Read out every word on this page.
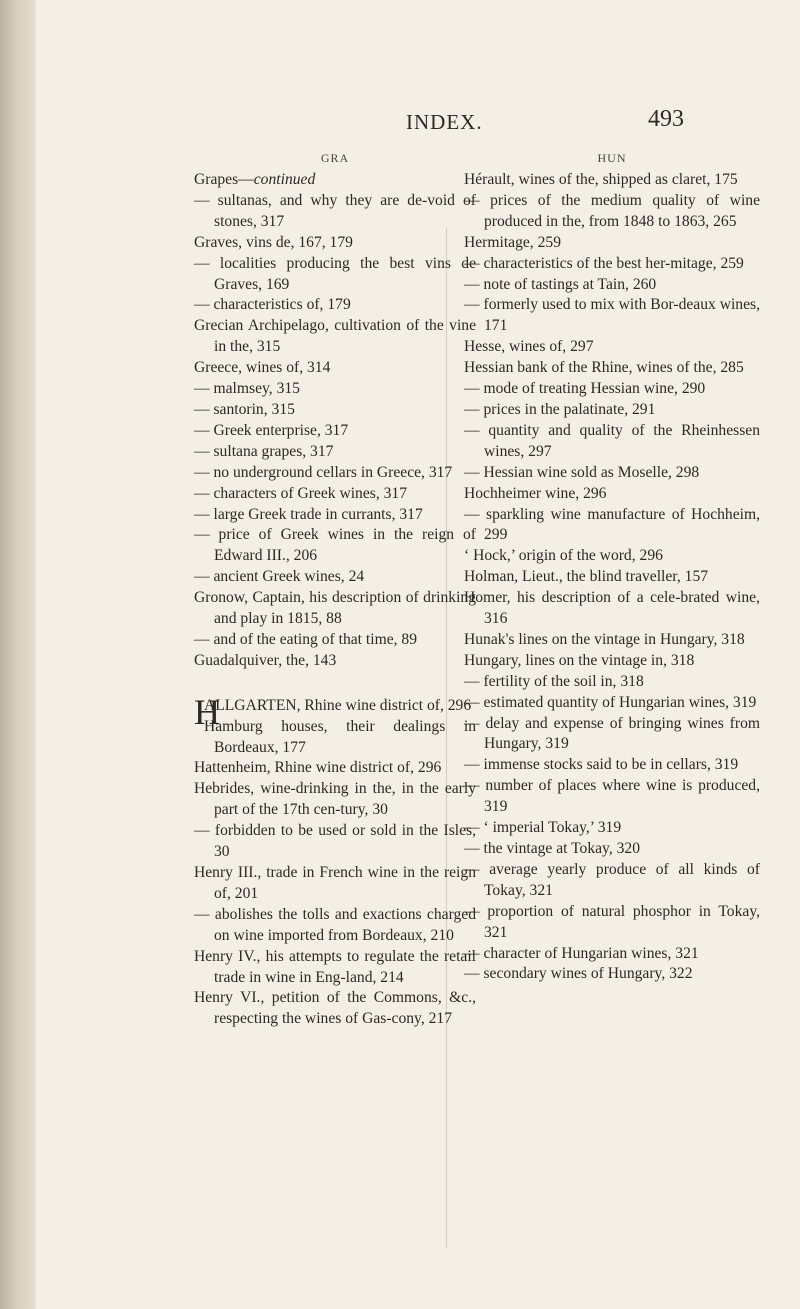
INDEX.	493
GRA
Grapes—continued
— sultanas, and why they are de-void of stones, 317
Graves, vins de, 167, 179
— localities producing the best vins de Graves, 169
— characteristics of, 179
Grecian Archipelago, cultivation of the vine in the, 315
Greece, wines of, 314
— malmsey, 315
— santorin, 315
— Greek enterprise, 317
— sultana grapes, 317
— no underground cellars in Greece, 317
— characters of Greek wines, 317
— large Greek trade in currants, 317
— price of Greek wines in the reign of Edward III., 206
— ancient Greek wines, 24
Gronow, Captain, his description of drinking and play in 1815, 88
— and of the eating of that time, 89
Guadalquiver, the, 143
H
ALLGARTEN, Rhine wine district of, 296
Hamburg houses, their dealings in Bordeaux, 177
Hattenheim, Rhine wine district of, 296
Hebrides, wine-drinking in the, in the early part of the 17th cen-tury, 30
— forbidden to be used or sold in the Isles, 30
Henry III., trade in French wine in the reign of, 201
— abolishes the tolls and exactions charged on wine imported from Bordeaux, 210
Henry IV., his attempts to regulate the retail trade in wine in Eng-land, 214
Henry VI., petition of the Commons, &c., respecting the wines of Gas-cony, 217
HUN
Hérault, wines of the, shipped as claret, 175
— prices of the medium quality of wine produced in the, from 1848 to 1863, 265
Hermitage, 259
— characteristics of the best her-mitage, 259
— note of tastings at Tain, 260
— formerly used to mix with Bor-deaux wines, 171
Hesse, wines of, 297
Hessian bank of the Rhine, wines of the, 285
— mode of treating Hessian wine, 290
— prices in the palatinate, 291
— quantity and quality of the Rheinhessen wines, 297
— Hessian wine sold as Moselle, 298
Hochheimer wine, 296
— sparkling wine manufacture of Hochheim, 299
‘ Hock,’ origin of the word, 296
Holman, Lieut., the blind traveller, 157
Homer, his description of a cele-brated wine, 316
Hunak's lines on the vintage in Hungary, 318
Hungary, lines on the vintage in, 318
— fertility of the soil in, 318
— estimated quantity of Hungarian wines, 319
— delay and expense of bringing wines from Hungary, 319
— immense stocks said to be in cellars, 319
— number of places where wine is produced, 319
— ‘ imperial Tokay,’ 319
— the vintage at Tokay, 320
— average yearly produce of all kinds of Tokay, 321
— proportion of natural phosphor in Tokay, 321
— character of Hungarian wines, 321
— secondary wines of Hungary, 322
